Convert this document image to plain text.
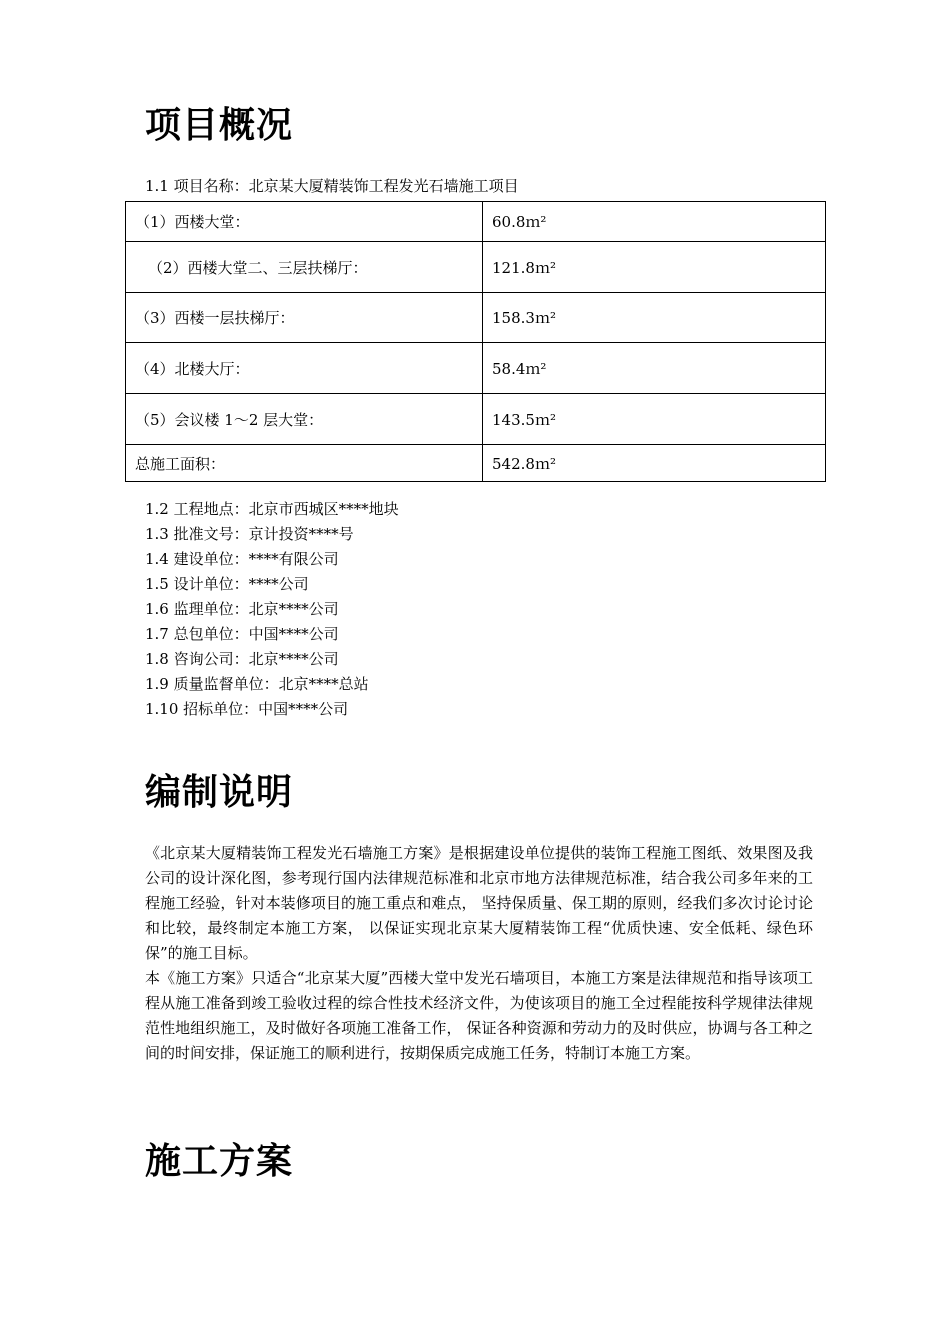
项目概况
1.1 项目名称：北京某大厦精装饰工程发光石墙施工项目
（1）西楼大堂：	60.8ｍ²
（2）西楼大堂二、三层扶梯厅：	121.8ｍ²
（3）西楼一层扶梯厅：	158.3ｍ²
（4）北楼大厅：	58.4ｍ²
（5）会议楼 1～2 层大堂：	143.5ｍ²
总施工面积：	542.8ｍ²
1.2 工程地点：北京市西城区****地块
1.3 批准文号：京计投资****号
1.4 建设单位：****有限公司
1.5 设计单位：****公司
1.6 监理单位：北京****公司
1.7 总包单位：中国****公司
1.8 咨询公司：北京****公司
1.9 质量监督单位：北京****总站
1.10 招标单位：中国****公司
编制说明

《北京某大厦精装饰工程发光石墙施工方案》是根据建设单位提供的装饰工程施工图纸、效果图及我公司的设计深化图，参考现行国内法律规范标准和北京市地方法律规范标准，结合我公司多年来的工程施工经验，针对本装修项目的施工重点和难点， 坚持保质量、保工期的原则，经我们多次讨论讨论和比较，最终制定本施工方案， 以保证实现北京某大厦精装饰工程“优质快速、安全低耗、绿色环保”的施工目标。

本《施工方案》只适合“北京某大厦”西楼大堂中发光石墙项目，本施工方案是法律规范和指导该项工程从施工准备到竣工验收过程的综合性技术经济文件，为使该项目的施工全过程能按科学规律法律规范性地组织施工，及时做好各项施工准备工作， 保证各种资源和劳动力的及时供应，协调与各工种之间的时间安排，保证施工的顺利进行，按期保质完成施工任务，特制订本施工方案。

施工方案
